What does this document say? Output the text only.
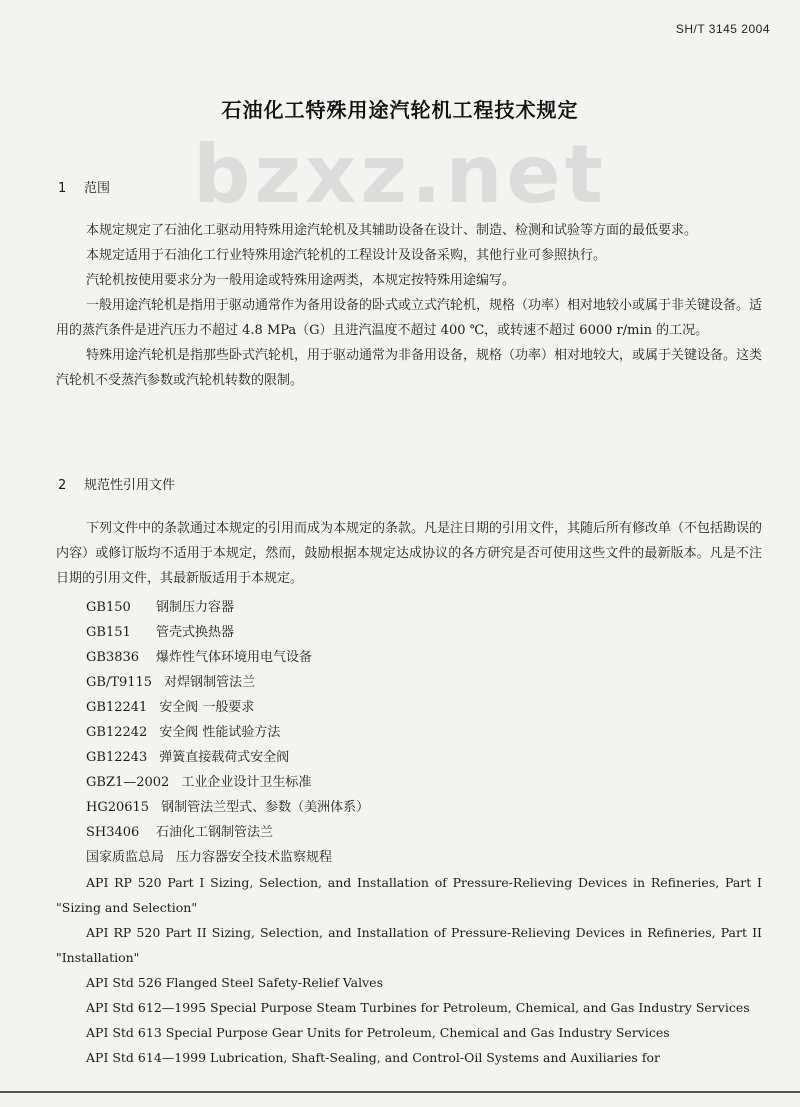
SH/T 3145 2004
bzxz.net
石油化工特殊用途汽轮机工程技术规定
1 范围

本规定规定了石油化工驱动用特殊用途汽轮机及其辅助设备在设计、制造、检测和试验等方面的最低要求。

本规定适用于石油化工行业特殊用途汽轮机的工程设计及设备采购，其他行业可参照执行。

汽轮机按使用要求分为一般用途或特殊用途两类，本规定按特殊用途编写。

一般用途汽轮机是指用于驱动通常作为备用设备的卧式或立式汽轮机，规格（功率）相对地较小或属于非关键设备。适用的蒸汽条件是进汽压力不超过 4.8 MPa（G）且进汽温度不超过 400 ℃，或转速不超过 6000 r/min 的工况。

特殊用途汽轮机是指那些卧式汽轮机，用于驱动通常为非备用设备，规格（功率）相对地较大，或属于关键设备。这类汽轮机不受蒸汽参数或汽轮机转数的限制。

2 规范性引用文件

下列文件中的条款通过本规定的引用而成为本规定的条款。凡是注日期的引用文件，其随后所有修改单（不包括勘误的内容）或修订版均不适用于本规定，然而，鼓励根据本规定达成协议的各方研究是否可使用这些文件的最新版本。凡是不注日期的引用文件，其最新版适用于本规定。

GB150 钢制压力容器
GB151 管壳式换热器
GB3836 爆炸性气体环境用电气设备
GB/T9115 对焊钢制管法兰
GB12241 安全阀 一般要求
GB12242 安全阀 性能试验方法
GB12243 弹簧直接载荷式安全阀
GBZ1—2002 工业企业设计卫生标准
HG20615 钢制管法兰型式、参数（美洲体系）
SH3406 石油化工钢制管法兰
国家质监总局 压力容器安全技术监察规程

API RP 520 Part I Sizing, Selection, and Installation of Pressure-Relieving Devices in Refineries, Part I "Sizing and Selection"

API RP 520 Part II Sizing, Selection, and Installation of Pressure-Relieving Devices in Refineries, Part II "Installation"

API Std 526 Flanged Steel Safety-Relief Valves

API Std 612—1995 Special Purpose Steam Turbines for Petroleum, Chemical, and Gas Industry Services

API Std 613 Special Purpose Gear Units for Petroleum, Chemical and Gas Industry Services

API Std 614—1999 Lubrication, Shaft-Sealing, and Control-Oil Systems and Auxiliaries for
